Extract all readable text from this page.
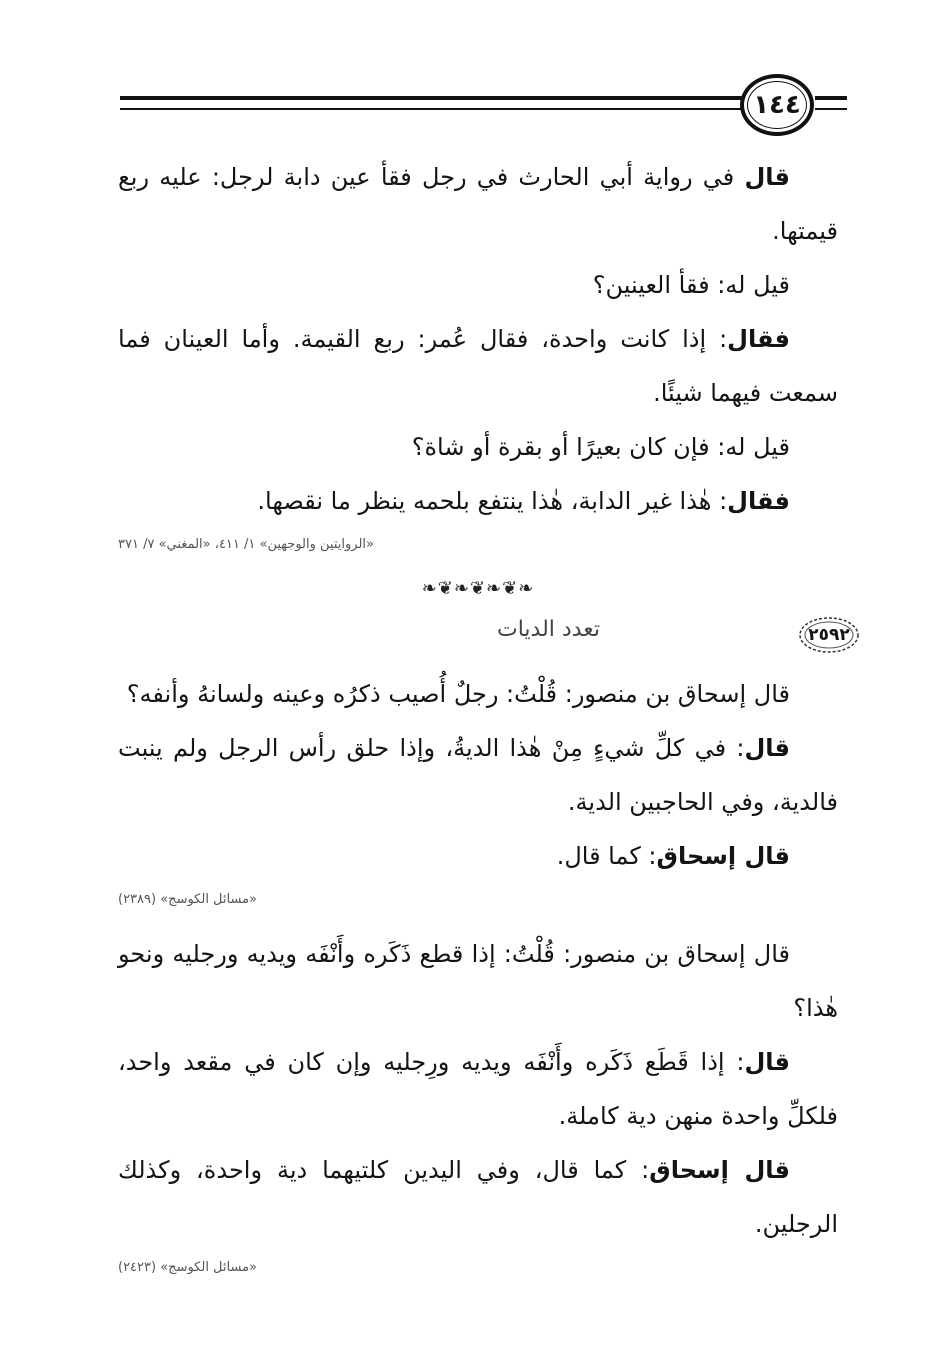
١٤٤

قال في رواية أبي الحارث في رجل فقأ عين دابة لرجل: عليه ربع قيمتها.

قيل له: فقأ العينين؟

فقال: إذا كانت واحدة، فقال عُمر: ربع القيمة. وأما العينان فما سمعت فيهما شيئًا.

قيل له: فإن كان بعيرًا أو بقرة أو شاة؟

فقال: هٰذا غير الدابة، هٰذا ينتفع بلحمه ينظر ما نقصها.

«الروايتين والوجهين» ١/ ٤١١، «المغني» ٧/ ٣٧١

❧❦❧❦❧❦❧
٢٥٩٢
تعدد الديات

قال إسحاق بن منصور: قُلْتُ: رجلٌ أُصيب ذكرُه وعينه ولسانهُ وأنفه؟

قال: في كلِّ شيءٍ مِنْ هٰذا الديةُ، وإذا حلق رأس الرجل ولم ينبت فالدية، وفي الحاجبين الدية.

قال إسحاق: كما قال.

«مسائل الكوسج» (٢٣٨٩)

قال إسحاق بن منصور: قُلْتُ: إذا قطع ذَكَره وأَنْفَه ويديه ورجليه ونحو هٰذا؟

قال: إذا قَطَع ذَكَره وأَنْفَه ويديه ورِجليه وإن كان في مقعد واحد، فلكلِّ واحدة منهن دية كاملة.

قال إسحاق: كما قال، وفي اليدين كلتيهما دية واحدة، وكذلك الرجلين.

«مسائل الكوسج» (٢٤٢٣)
